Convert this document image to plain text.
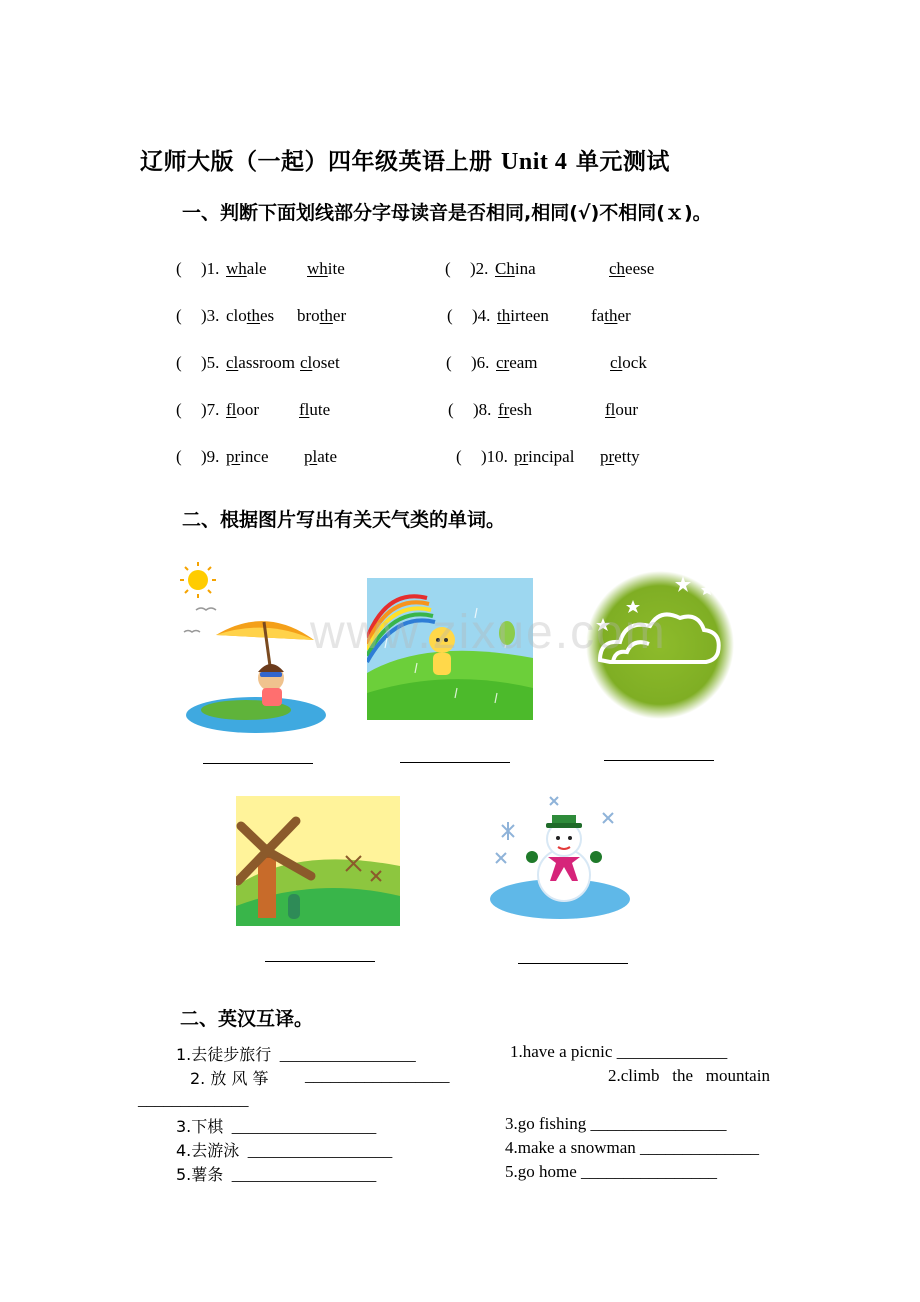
辽师大版（一起）四年级英语上册 Unit 4 单元测试
一、判断下面划线部分字母读音是否相同,相同(√)不相同(ｘ)。
( )1. whale white	( )2. China	cheese
( )3. clothes brother	( )4. thirteen father
( )5. classroom closet	( )6. cream	clock
( )7. floor flute	( )8. fresh	flour
( )9. prince plate	( )10. principal pretty
二、根据图片写出有关天气类的单词。
www.zixue.com
二、英汉互译。
1.去徒步旅行 ________________	1.have a picnic _____________
2. 放 风 筝 _________________	2.climb   the   mountain
_____________
3.下棋 _________________	3.go fishing ________________
4.去游泳 _________________	4.make a snowman ______________
5.薯条 _________________	5.go home ________________
